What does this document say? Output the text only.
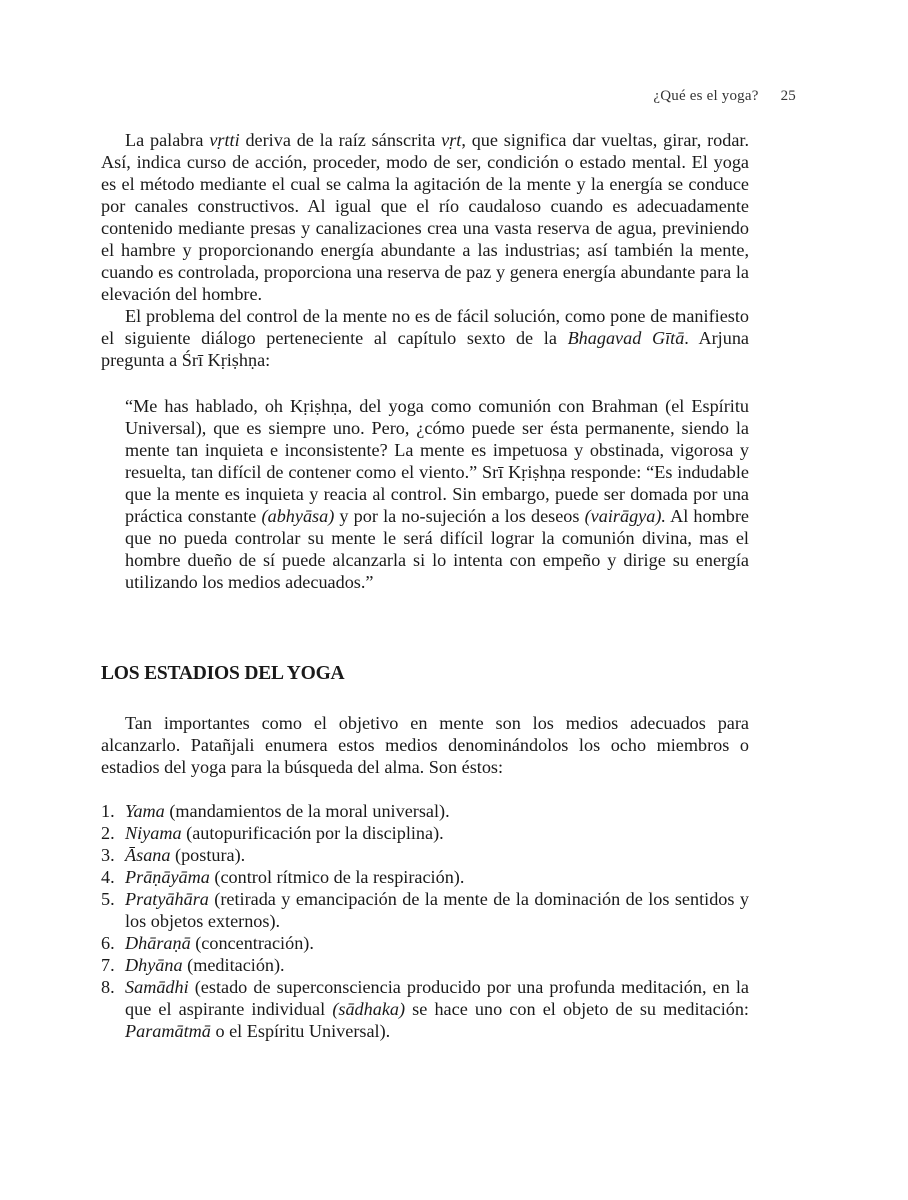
¿Qué es el yoga? 25

La palabra vṛtti deriva de la raíz sánscrita vṛt, que significa dar vueltas, girar, rodar. Así, indica curso de acción, proceder, modo de ser, condición o estado mental. El yoga es el método mediante el cual se calma la agitación de la mente y la energía se conduce por canales constructivos. Al igual que el río caudaloso cuando es adecuadamente contenido mediante presas y canalizaciones crea una vasta reserva de agua, previniendo el hambre y proporcionando energía abundante a las industrias; así también la mente, cuando es controlada, proporciona una reserva de paz y genera energía abundante para la elevación del hombre.

El problema del control de la mente no es de fácil solución, como pone de manifiesto el siguiente diálogo perteneciente al capítulo sexto de la Bhagavad Gītā. Arjuna pregunta a Śrī Kṛiṣhṇa:

“Me has hablado, oh Kṛiṣhṇa, del yoga como comunión con Brahman (el Espíritu Universal), que es siempre uno. Pero, ¿cómo puede ser ésta permanente, siendo la mente tan inquieta e inconsistente? La mente es impetuosa y obstinada, vigorosa y resuelta, tan difícil de contener como el viento.” Srī Kṛiṣhṇa responde: “Es indudable que la mente es inquieta y reacia al control. Sin embargo, puede ser domada por una práctica constante (abhyāsa) y por la no-sujeción a los deseos (vairāgya). Al hombre que no pueda controlar su mente le será difícil lograr la comunión divina, mas el hombre dueño de sí puede alcanzarla si lo intenta con empeño y dirige su energía utilizando los medios adecuados.”
LOS ESTADIOS DEL YOGA

Tan importantes como el objetivo en mente son los medios adecuados para alcanzarlo. Patañjali enumera estos medios denominándolos los ocho miembros o estadios del yoga para la búsqueda del alma. Son éstos:

1. Yama (mandamientos de la moral universal).
2. Niyama (autopurificación por la disciplina).
3. Āsana (postura).
4. Prāṇāyāma (control rítmico de la respiración).
5. Pratyāhāra (retirada y emancipación de la mente de la dominación de los sentidos y los objetos externos).
6. Dhāraṇā (concentración).
7. Dhyāna (meditación).
8. Samādhi (estado de superconsciencia producido por una profunda meditación, en la que el aspirante individual (sādhaka) se hace uno con el objeto de su meditación: Paramātmā o el Espíritu Universal).
